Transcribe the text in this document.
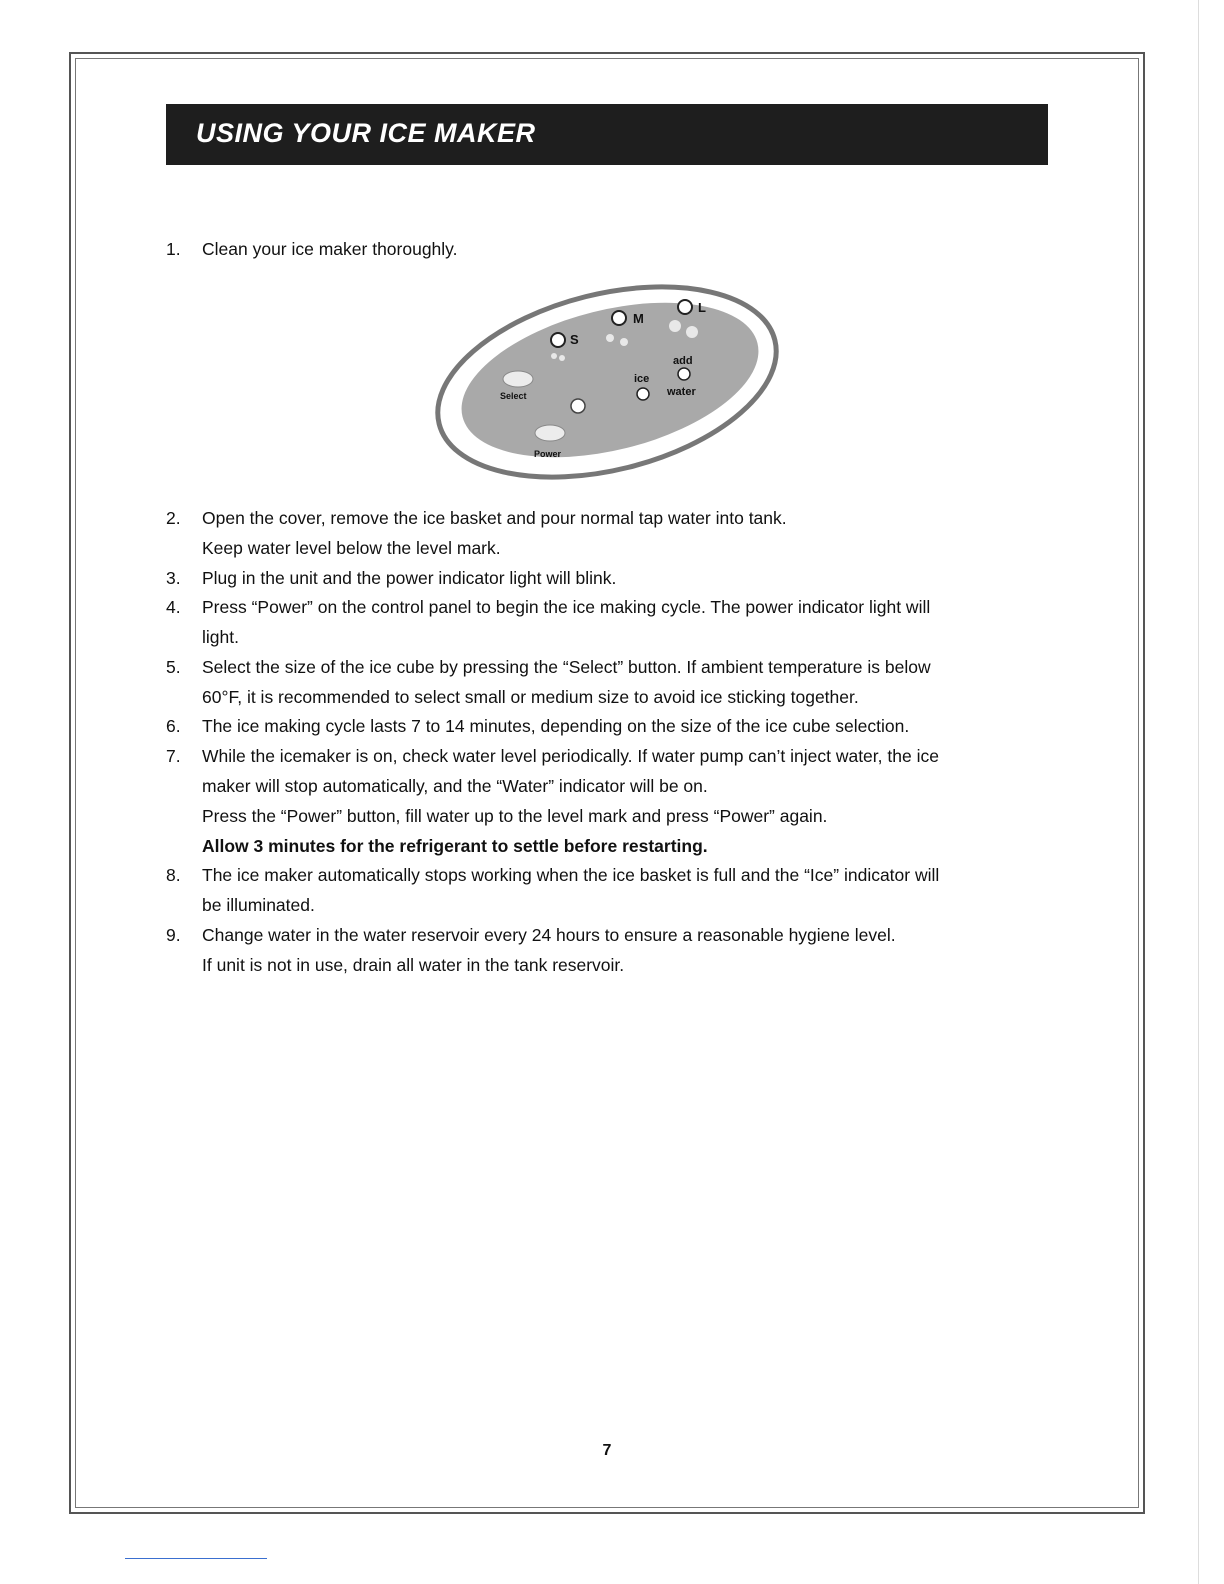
USING YOUR ICE MAKER
1.	Clean your ice maker thoroughly.
S
M
L
add
water
ice
Select
Power
2.	Open the cover, remove the ice basket and pour normal tap water into tank.
Keep water level below the level mark.
3.	Plug in the unit and the power indicator light will blink.
4.	Press “Power” on the control panel to begin the ice making cycle. The power indicator light will
light.
5.	Select the size of the ice cube by pressing the “Select” button. If ambient temperature is below
60°F, it is recommended to select small or medium size to avoid ice sticking together.
6.	The ice making cycle lasts 7 to 14 minutes, depending on the size of the ice cube selection.
7.	While the icemaker is on, check water level periodically. If water pump can’t inject water, the ice
maker will stop automatically, and the “Water” indicator will be on.
Press the “Power” button, fill water up to the level mark and press “Power” again.
Allow 3 minutes for the refrigerant to settle before restarting.
8.	The ice maker automatically stops working when the ice basket is full and the “Ice” indicator will
be illuminated.
9.	Change water in the water reservoir every 24 hours to ensure a reasonable hygiene level.
If unit is not in use, drain all water in the tank reservoir.
7
